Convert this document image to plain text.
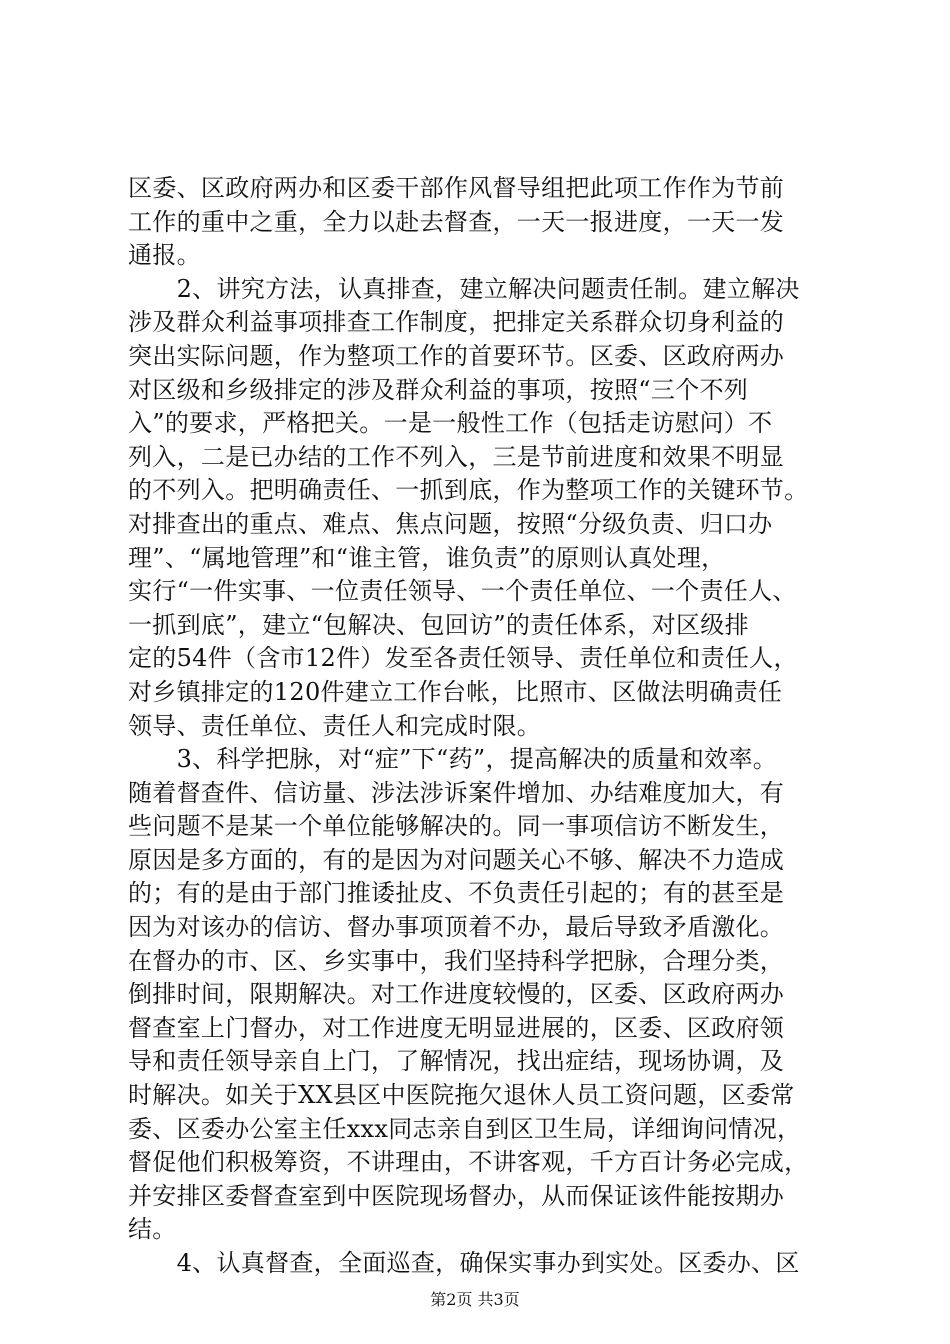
区委、区政府两办和区委干部作风督导组把此项工作作为节前
工作的重中之重，全力以赴去督查，一天一报进度，一天一发
通报。
　　2、讲究方法，认真排查，建立解决问题责任制。建立解决
涉及群众利益事项排查工作制度，把排定关系群众切身利益的
突出实际问题，作为整项工作的首要环节。区委、区政府两办
对区级和乡级排定的涉及群众利益的事项，按照“三个不列
入”的要求，严格把关。一是一般性工作（包括走访慰问）不
列入，二是已办结的工作不列入，三是节前进度和效果不明显
的不列入。把明确责任、一抓到底，作为整项工作的关键环节。
对排查出的重点、难点、焦点问题，按照“分级负责、归口办
理”、“属地管理”和“谁主管，谁负责”的原则认真处理，
实行“一件实事、一位责任领导、一个责任单位、一个责任人、
一抓到底”，建立“包解决、包回访”的责任体系，对区级排
定的54件（含市12件）发至各责任领导、责任单位和责任人，
对乡镇排定的120件建立工作台帐，比照市、区做法明确责任
领导、责任单位、责任人和完成时限。
　　3、科学把脉，对“症”下“药”，提高解决的质量和效率。
随着督查件、信访量、涉法涉诉案件增加、办结难度加大，有
些问题不是某一个单位能够解决的。同一事项信访不断发生，
原因是多方面的，有的是因为对问题关心不够、解决不力造成
的；有的是由于部门推诿扯皮、不负责任引起的；有的甚至是
因为对该办的信访、督办事项顶着不办，最后导致矛盾激化。
在督办的市、区、乡实事中，我们坚持科学把脉，合理分类，
倒排时间，限期解决。对工作进度较慢的，区委、区政府两办
督查室上门督办，对工作进度无明显进展的，区委、区政府领
导和责任领导亲自上门，了解情况，找出症结，现场协调，及
时解决。如关于XX县区中医院拖欠退休人员工资问题，区委常
委、区委办公室主任xxx同志亲自到区卫生局，详细询问情况，
督促他们积极筹资，不讲理由，不讲客观，千方百计务必完成，
并安排区委督查室到中医院现场督办，从而保证该件能按期办
结。
　　4、认真督查，全面巡查，确保实事办到实处。区委办、区
第2页 共3页
